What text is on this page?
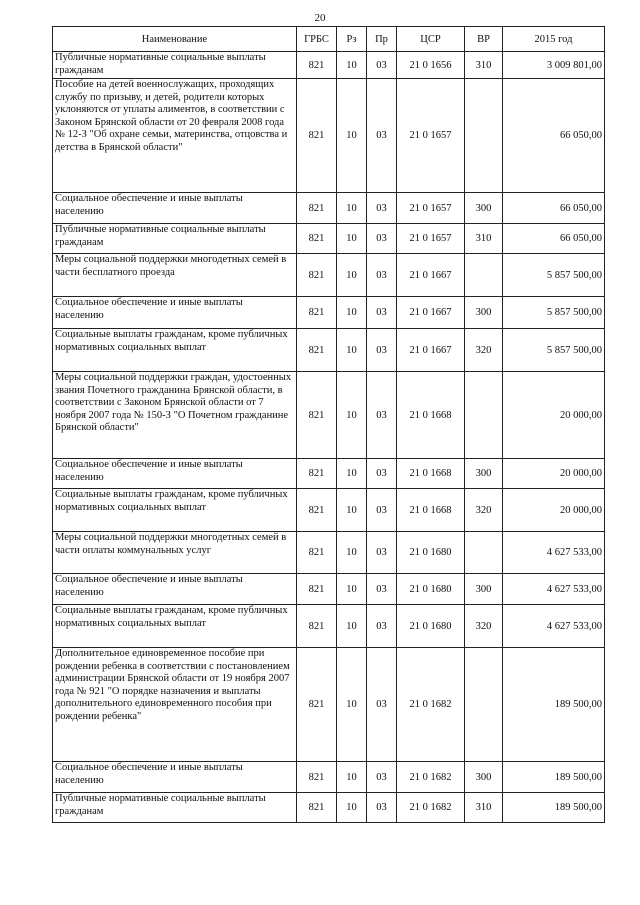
20
Наименование	ГРБС	Рз	Пр	ЦСР	ВР	2015 год
Публичные нормативные социальные выплаты гражданам	821	10	03	21 0 1656	310	3 009 801,00
Пособие на детей военнослужащих, проходящих службу по призыву, и детей, родители которых уклоняются от уплаты алиментов, в соответствии с Законом Брянской области от 20 февраля 2008 года № 12-З "Об охране семьи, материнства, отцовства и детства в Брянской области"	821	10	03	21 0 1657		66 050,00
Социальное обеспечение и иные выплаты населению	821	10	03	21 0 1657	300	66 050,00
Публичные нормативные социальные выплаты гражданам	821	10	03	21 0 1657	310	66 050,00
Меры социальной поддержки многодетных семей в части бесплатного проезда	821	10	03	21 0 1667		5 857 500,00
Социальное обеспечение и иные выплаты населению	821	10	03	21 0 1667	300	5 857 500,00
Социальные выплаты гражданам, кроме публичных нормативных социальных выплат	821	10	03	21 0 1667	320	5 857 500,00
Меры социальной поддержки граждан, удостоенных звания Почетного гражданина Брянской области, в соответствии с Законом Брянской области от 7 ноября 2007 года № 150-З "О Почетном гражданине Брянской области"	821	10	03	21 0 1668		20 000,00
Социальное обеспечение и иные выплаты населению	821	10	03	21 0 1668	300	20 000,00
Социальные выплаты гражданам, кроме публичных нормативных социальных выплат	821	10	03	21 0 1668	320	20 000,00
Меры социальной поддержки многодетных семей в части оплаты коммунальных услуг	821	10	03	21 0 1680		4 627 533,00
Социальное обеспечение и иные выплаты населению	821	10	03	21 0 1680	300	4 627 533,00
Социальные выплаты гражданам, кроме публичных нормативных социальных выплат	821	10	03	21 0 1680	320	4 627 533,00
Дополнительное единовременное пособие при рождении ребенка в соответствии с постановлением администрации Брянской области от 19 ноября 2007 года № 921 "О порядке назначения и выплаты дополнительного единовременного пособия при рождении ребенка"	821	10	03	21 0 1682		189 500,00
Социальное обеспечение и иные выплаты населению	821	10	03	21 0 1682	300	189 500,00
Публичные нормативные социальные выплаты гражданам	821	10	03	21 0 1682	310	189 500,00
